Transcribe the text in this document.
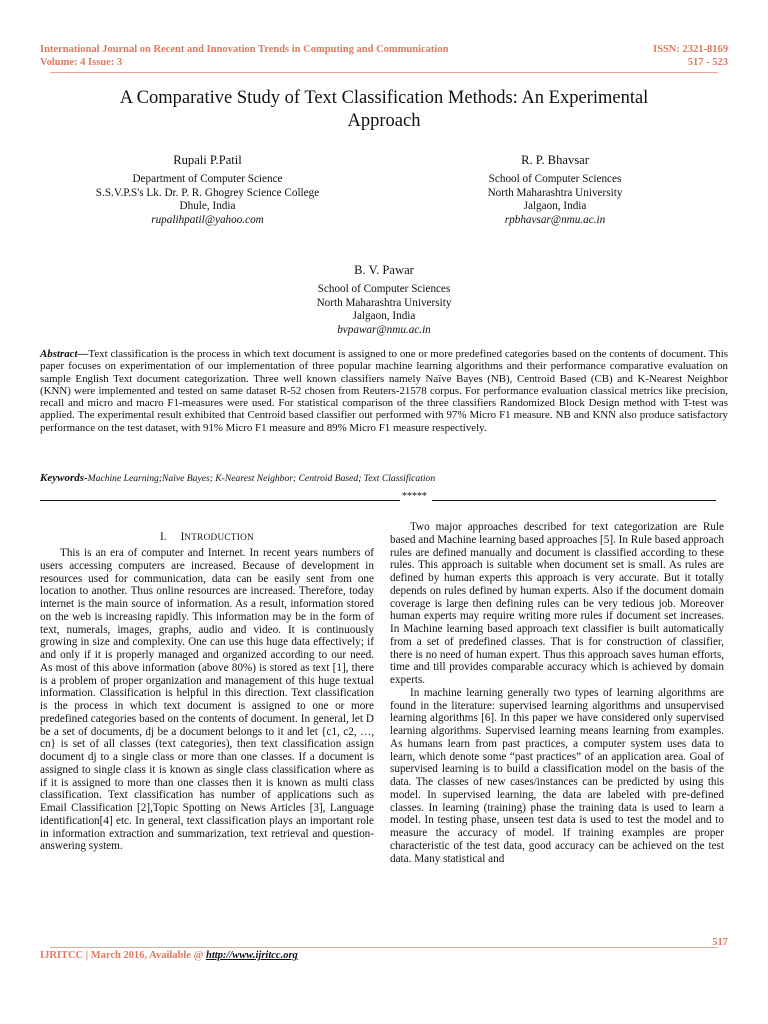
International Journal on Recent and Innovation Trends in Computing and Communication
Volume: 4 Issue: 3
ISSN: 2321-8169
517 - 523
A Comparative Study of Text Classification Methods: An Experimental
Approach
Rupali P.Patil
Department of Computer Science
S.S.V.P.S's Lk. Dr. P. R. Ghogrey Science College
Dhule, India
rupalihpatil@yahoo.com
R. P. Bhavsar
School of Computer Sciences
North Maharashtra University
Jalgaon, India
rpbhavsar@nmu.ac.in
B. V. Pawar
School of Computer Sciences
North Maharashtra University
Jalgaon, India
bvpawar@nmu.ac.in
Abstract—Text classification is the process in which text document is assigned to one or more predefined categories based on the contents of document. This paper focuses on experimentation of our implementation of three popular machine learning algorithms and their performance comparative evaluation on sample English Text document categorization. Three well known classifiers namely Naïve Bayes (NB), Centroid Based (CB) and K-Nearest Neighbor (KNN) were implemented and tested on same dataset R-52 chosen from Reuters-21578 corpus. For performance evaluation classical metrics like precision, recall and micro and macro F1-measures were used. For statistical comparison of the three classifiers Randomized Block Design method with T-test was applied. The experimental result exhibited that Centroid based classifier out performed with 97% Micro F1 measure. NB and KNN also produce satisfactory performance on the test dataset, with 91% Micro F1 measure and 89% Micro F1 measure respectively.
Keywords-Machine Learning;Naïve Bayes; K-Nearest Neighbor; Centroid Based; Text Classification
*****
I. INTRODUCTION

This is an era of computer and Internet. In recent years numbers of users accessing computers are increased. Because of development in resources used for communication, data can be easily sent from one location to another. Thus online resources are increased. Therefore, today internet is the main source of information. As a result, information stored on the web is increasing rapidly. This information may be in the form of text, numerals, images, graphs, audio and video. It is continuously growing in size and complexity. One can use this huge data effectively; if and only if it is properly managed and organized according to our need. As most of this above information (above 80%) is stored as text [1], there is a problem of proper organization and management of this huge textual information. Classification is helpful in this direction. Text classification is the process in which text document is assigned to one or more predefined categories based on the contents of document. In general, let D be a set of documents, dj be a document belongs to it and let {c1, c2, …, cn} is set of all classes (text categories), then text classification assign document dj to a single class or more than one classes. If a document is assigned to single class it is known as single class classification where as if it is assigned to more than one classes then it is known as multi class classification. Text classification has number of applications such as Email Classification [2],Topic Spotting on News Articles [3], Language identification[4] etc. In general, text classification plays an important role in information extraction and summarization, text retrieval and question-answering system.

Two major approaches described for text categorization are Rule based and Machine learning based approaches [5]. In Rule based approach rules are defined manually and document is classified according to these rules. This approach is suitable when document set is small. As rules are defined by human experts this approach is very accurate. But it totally depends on rules defined by human experts. Also if the document domain coverage is large then defining rules can be very tedious job. Moreover human experts may require writing more rules if document set increases. In Machine learning based approach text classifier is built automatically from a set of predefined classes. That is for construction of classifier, there is no need of human expert. Thus this approach saves human efforts, time and till provides comparable accuracy which is achieved by domain experts.

In machine learning generally two types of learning algorithms are found in the literature: supervised learning algorithms and unsupervised learning algorithms [6]. In this paper we have considered only supervised learning algorithms. Supervised learning means learning from examples. As humans learn from past practices, a computer system uses data to learn, which denote some “past practices” of an application area. Goal of supervised learning is to build a classification model on the basis of the data. The classes of new cases/instances can be predicted by using this model. In supervised learning, the data are labeled with pre-defined classes. In learning (training) phase the training data is used to learn a model. In testing phase, unseen test data is used to test the model and to measure the accuracy of model. If training examples are proper characteristic of the test data, good accuracy can be achieved on the test data. Many statistical and

517
IJRITCC | March 2016, Available @ http://www.ijritcc.org
